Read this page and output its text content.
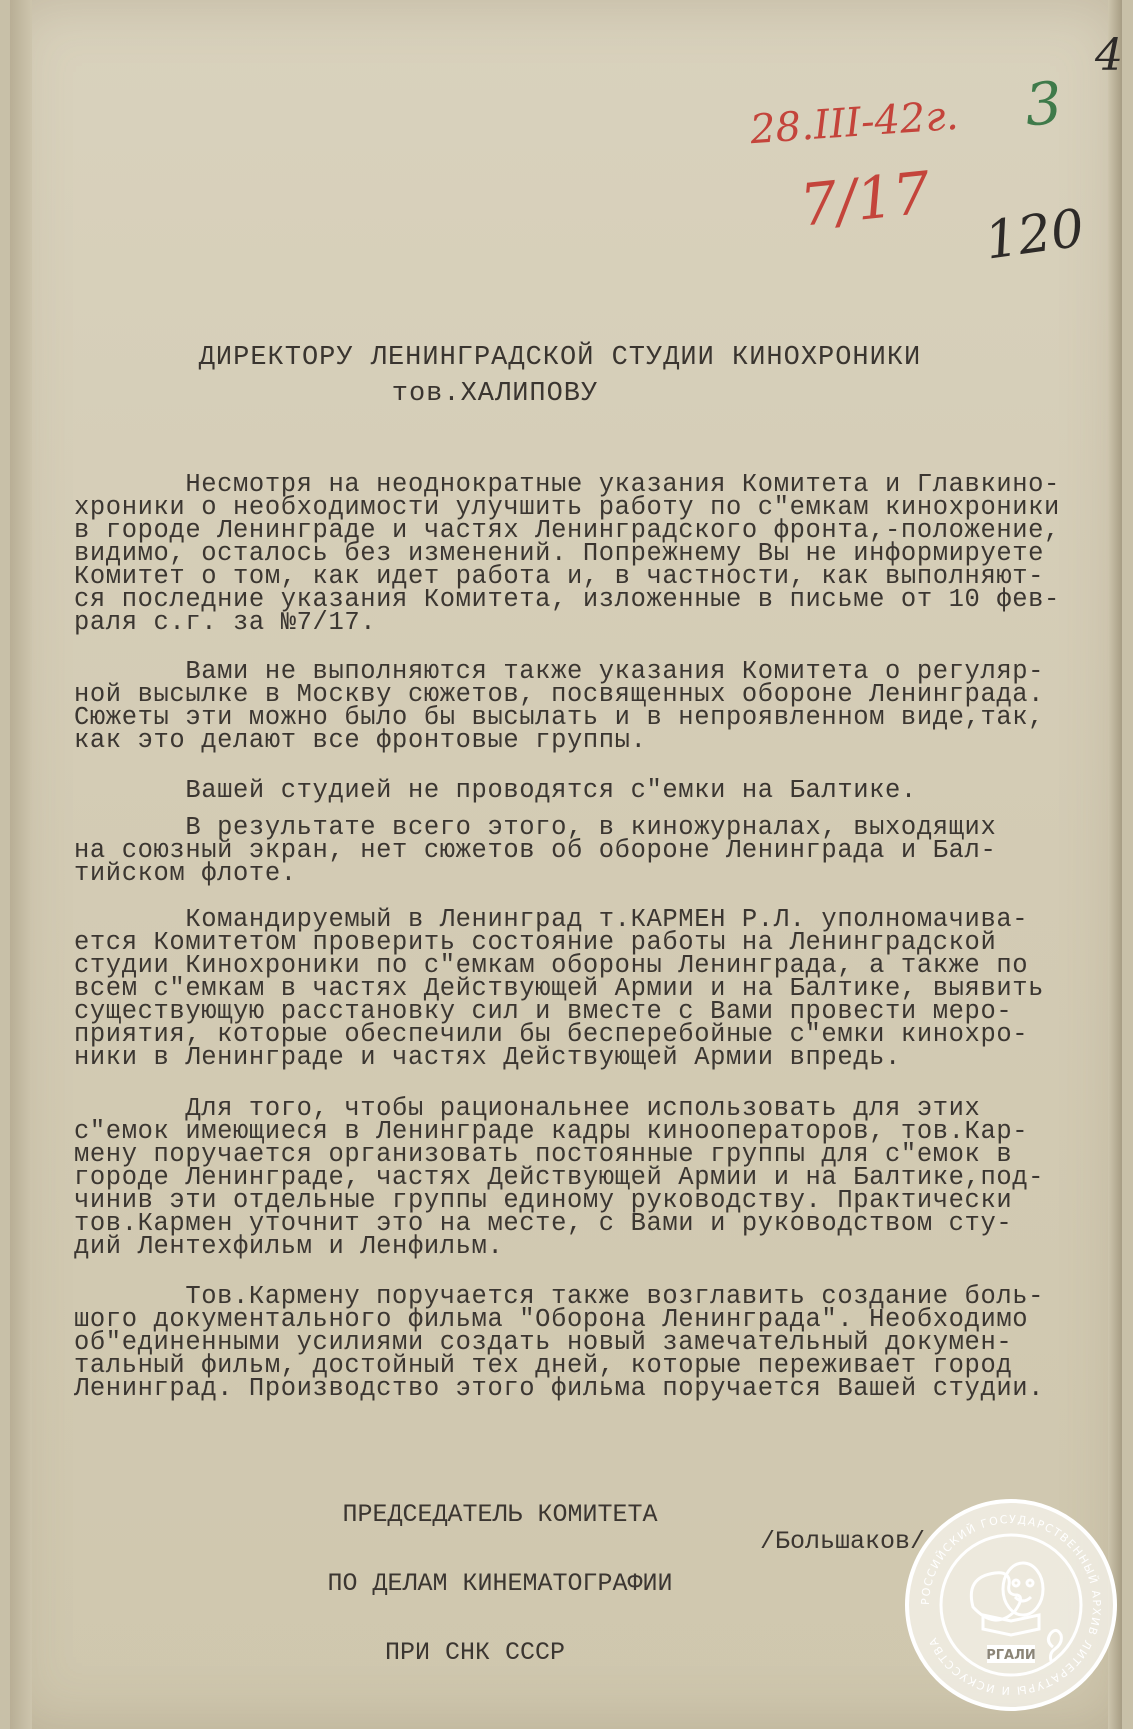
28.III-42г.
7/17
3
4
120
ДИРЕКТОРУ ЛЕНИНГРАДСКОЙ СТУДИИ КИНОХРОНИКИ
тов.ХАЛИПОВУ
Несмотря на неоднократные указания Комитета и Главкино-
хроники о необходимости улучшить работу по с"емкам кинохроники
в городе Ленинграде и частях Ленинградского фронта,-положение,
видимо, осталось без изменений. Попрежнему Вы не информируете
Комитет о том, как идет работа и, в частности, как выполняют-
ся последние указания Комитета, изложенные в письме от 10 фев-
раля с.г. за №7/17.
Вами не выполняются также указания Комитета о регуляр-
ной высылке в Москву сюжетов, посвященных обороне Ленинграда.
Сюжеты эти можно было бы высылать и в непроявленном виде,так,
как это делают все фронтовые группы.
Вашей студией не проводятся с"емки на Балтике.
В результате всего этого, в киножурналах, выходящих
на союзный экран, нет сюжетов об обороне Ленинграда и Бал-
тийском флоте.
Командируемый в Ленинград т.КАРМЕН Р.Л. уполномачива-
ется Комитетом проверить состояние работы на Ленинградской
студии Кинохроники по с"емкам обороны Ленинграда, а также по
всем с"емкам в частях Действующей Армии и на Балтике, выявить
существующую расстановку сил и вместе с Вами провести меро-
приятия, которые обеспечили бы бесперебойные с"емки кинохро-
ники в Ленинграде и частях Действующей Армии впредь.
Для того, чтобы рациональнее использовать для этих
с"емок имеющиеся в Ленинграде кадры кинооператоров, тов.Кар-
мену поручается организовать постоянные группы для с"емок в
городе Ленинграде, частях Действующей Армии и на Балтике,под-
чинив эти отдельные группы единому руководству. Практически
тов.Кармен уточнит это на месте, с Вами и руководством сту-
дий Лентехфильм и Ленфильм.
Тов.Кармену поручается также возглавить создание боль-
шого документального фильма "Оборона Ленинграда". Необходимо
об"единенными усилиями создать новый замечательный докумен-
тальный фильм, достойный тех дней, которые переживает город
Ленинград. Производство этого фильма поручается Вашей студии.

ПРЕДСЕДАТЕЛЬ КОМИТЕТА

ПО ДЕЛАМ КИНЕМАТОГРАФИИ

ПРИ СНК СССР

/Большаков/
РОССИЙСКИЙ ГОСУДАРСТВЕННЫЙ АРХИВ ЛИТЕРАТУРЫ И ИСКУССТВА
РГАЛИ
